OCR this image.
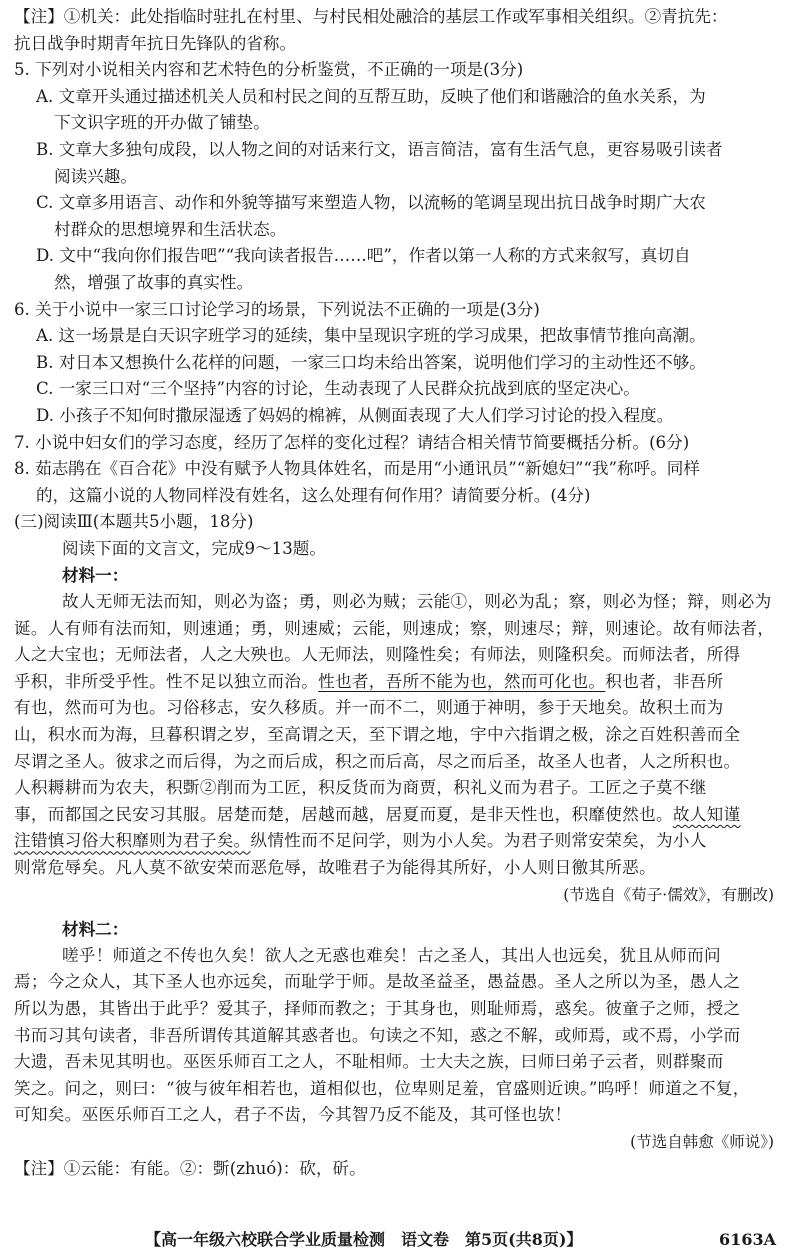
【注】①机关：此处指临时驻扎在村里、与村民相处融洽的基层工作或军事相关组织。②青抗先：
抗日战争时期青年抗日先锋队的省称。
5. 下列对小说相关内容和艺术特色的分析鉴赏，不正确的一项是(3分)
A. 文章开头通过描述机关人员和村民之间的互帮互助，反映了他们和谐融洽的鱼水关系，为
下文识字班的开办做了铺垫。
B. 文章大多独句成段，以人物之间的对话来行文，语言简洁，富有生活气息，更容易吸引读者
阅读兴趣。
C. 文章多用语言、动作和外貌等描写来塑造人物，以流畅的笔调呈现出抗日战争时期广大农
村群众的思想境界和生活状态。
D. 文中“我向你们报告吧”“我向读者报告……吧”，作者以第一人称的方式来叙写，真切自
然，增强了故事的真实性。
6. 关于小说中一家三口讨论学习的场景，下列说法不正确的一项是(3分)
A. 这一场景是白天识字班学习的延续，集中呈现识字班的学习成果，把故事情节推向高潮。
B. 对日本又想换什么花样的问题，一家三口均未给出答案，说明他们学习的主动性还不够。
C. 一家三口对“三个坚持”内容的讨论，生动表现了人民群众抗战到底的坚定决心。
D. 小孩子不知何时撒尿湿透了妈妈的棉裤，从侧面表现了大人们学习讨论的投入程度。
7. 小说中妇女们的学习态度，经历了怎样的变化过程？请结合相关情节简要概括分析。(6分)
8. 茹志鹃在《百合花》中没有赋予人物具体姓名，而是用“小通讯员”“新媳妇”“我”称呼。同样
的，这篇小说的人物同样没有姓名，这么处理有何作用？请简要分析。(4分)
(三)阅读Ⅲ(本题共5小题，18分)
阅读下面的文言文，完成9～13题。
材料一：
故人无师无法而知，则必为盗；勇，则必为贼；云能①，则必为乱；察，则必为怪；辩，则必为
诞。人有师有法而知，则速通；勇，则速威；云能，则速成；察，则速尽；辩，则速论。故有师法者，
人之大宝也；无师法者，人之大殃也。人无师法，则隆性矣；有师法，则隆积矣。而师法者，所得
乎积，非所受乎性。性不足以独立而治。性也者，吾所不能为也，然而可化也。积也者，非吾所
有也，然而可为也。习俗移志，安久移质。并一而不二，则通于神明，参于天地矣。故积土而为
山，积水而为海，旦暮积谓之岁，至高谓之天，至下谓之地，宇中六指谓之极，涂之百姓积善而全
尽谓之圣人。彼求之而后得，为之而后成，积之而后高，尽之而后圣，故圣人也者，人之所积也。
人积耨耕而为农夫，积斲②削而为工匠，积反货而为商贾，积礼义而为君子。工匠之子莫不继
事，而都国之民安习其服。居楚而楚，居越而越，居夏而夏，是非天性也，积靡使然也。故人知谨
注错慎习俗大积靡则为君子矣。纵情性而不足问学，则为小人矣。为君子则常安荣矣，为小人
则常危辱矣。凡人莫不欲安荣而恶危辱，故唯君子为能得其所好，小人则日徼其所恶。
(节选自《荀子·儒效》，有删改)
材料二：
嗟乎！师道之不传也久矣！欲人之无惑也难矣！古之圣人，其出人也远矣，犹且从师而问
焉；今之众人，其下圣人也亦远矣，而耻学于师。是故圣益圣，愚益愚。圣人之所以为圣，愚人之
所以为愚，其皆出于此乎？爱其子，择师而教之；于其身也，则耻师焉，惑矣。彼童子之师，授之
书而习其句读者，非吾所谓传其道解其惑者也。句读之不知，惑之不解，或师焉，或不焉，小学而
大遗，吾未见其明也。巫医乐师百工之人，不耻相师。士大夫之族，曰师曰弟子云者，则群聚而
笑之。问之，则曰：“彼与彼年相若也，道相似也，位卑则足羞，官盛则近谀。”呜呼！师道之不复，
可知矣。巫医乐师百工之人，君子不齿，今其智乃反不能及，其可怪也欤！
(节选自韩愈《师说》)
【注】①云能：有能。②：斲(zhuó)：砍，斫。
【高一年级六校联合学业质量检测　语文卷　第5页(共8页)】	6163A
